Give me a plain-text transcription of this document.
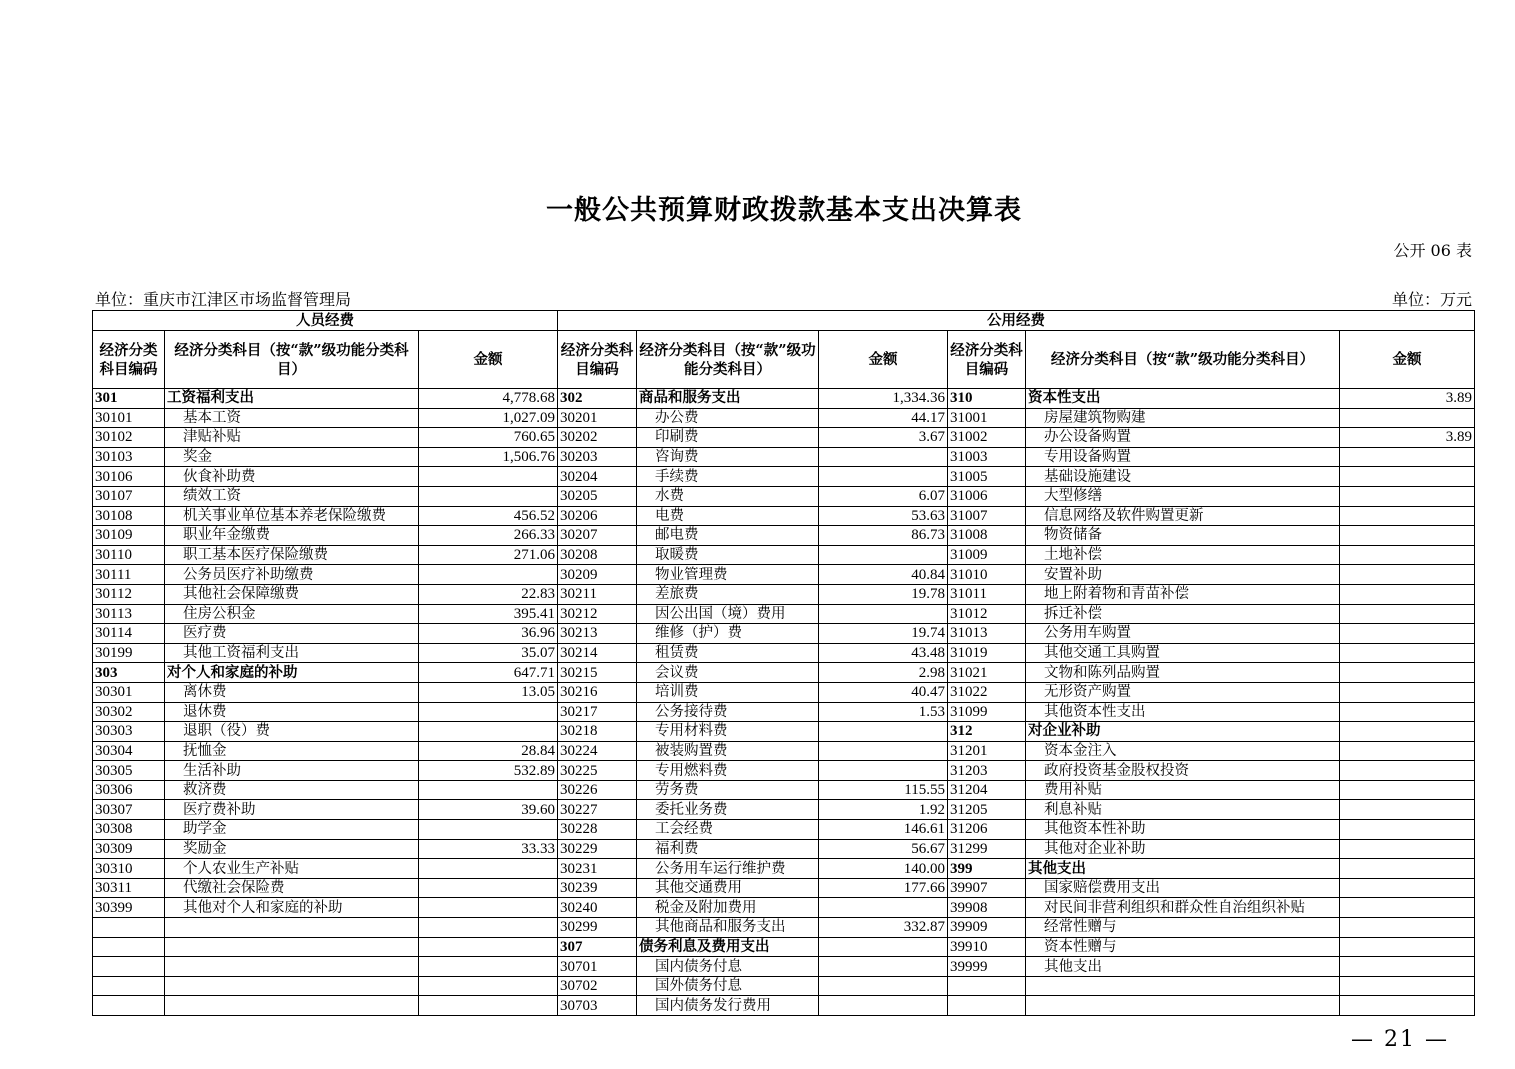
一般公共预算财政拨款基本支出决算表
公开 06 表
单位：重庆市江津区市场监督管理局	单位：万元
人员经费			公用经费					
经济分类科目编码	经济分类科目（按“款”级功能分类科目）	金额	经济分类科目编码	经济分类科目（按“款”级功能分类科目）	金额	经济分类科目编码	经济分类科目（按“款”级功能分类科目）	金额
301	工资福利支出	4,778.68	302	商品和服务支出	1,334.36	310	资本性支出	3.89
30101	基本工资	1,027.09	30201	办公费	44.17	31001	房屋建筑物购建	
30102	津贴补贴	760.65	30202	印刷费	3.67	31002	办公设备购置	3.89
30103	奖金	1,506.76	30203	咨询费		31003	专用设备购置	
30106	伙食补助费		30204	手续费		31005	基础设施建设	
30107	绩效工资		30205	水费	6.07	31006	大型修缮	
30108	机关事业单位基本养老保险缴费	456.52	30206	电费	53.63	31007	信息网络及软件购置更新	
30109	职业年金缴费	266.33	30207	邮电费	86.73	31008	物资储备	
30110	职工基本医疗保险缴费	271.06	30208	取暖费		31009	土地补偿	
30111	公务员医疗补助缴费		30209	物业管理费	40.84	31010	安置补助	
30112	其他社会保障缴费	22.83	30211	差旅费	19.78	31011	地上附着物和青苗补偿	
30113	住房公积金	395.41	30212	因公出国（境）费用		31012	拆迁补偿	
30114	医疗费	36.96	30213	维修（护）费	19.74	31013	公务用车购置	
30199	其他工资福利支出	35.07	30214	租赁费	43.48	31019	其他交通工具购置	
303	对个人和家庭的补助	647.71	30215	会议费	2.98	31021	文物和陈列品购置	
30301	离休费	13.05	30216	培训费	40.47	31022	无形资产购置	
30302	退休费		30217	公务接待费	1.53	31099	其他资本性支出	
30303	退职（役）费		30218	专用材料费		312	对企业补助	
30304	抚恤金	28.84	30224	被装购置费		31201	资本金注入	
30305	生活补助	532.89	30225	专用燃料费		31203	政府投资基金股权投资	
30306	救济费		30226	劳务费	115.55	31204	费用补贴	
30307	医疗费补助	39.60	30227	委托业务费	1.92	31205	利息补贴	
30308	助学金		30228	工会经费	146.61	31206	其他资本性补助	
30309	奖励金	33.33	30229	福利费	56.67	31299	其他对企业补助	
30310	个人农业生产补贴		30231	公务用车运行维护费	140.00	399	其他支出	
30311	代缴社会保险费		30239	其他交通费用	177.66	39907	国家赔偿费用支出	
30399	其他对个人和家庭的补助		30240	税金及附加费用		39908	对民间非营利组织和群众性自治组织补贴	
			30299	其他商品和服务支出	332.87	39909	经常性赠与	
			307	债务利息及费用支出		39910	资本性赠与	
			30701	国内债务付息		39999	其他支出	
			30702	国外债务付息				
			30703	国内债务发行费用				
— 21 —
